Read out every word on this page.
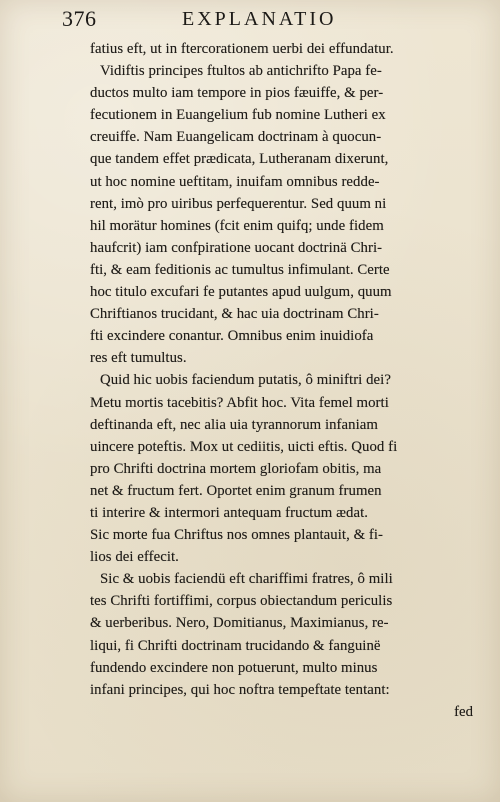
376	EXPLANATIO
fatius eft, ut in ftercorationem uerbi dei effundatur.
Vidiftis principes ftultos ab antichrifto Papa fe-
ductos multo iam tempore in pios fæuiffe, & per-
fecutionem in Euangelium fub nomine Lutheri ex
creuiffe. Nam Euangelicam doctrinam à quocun-
que tandem effet prædicata, Lutheranam dixerunt,
ut hoc nomine ueftitam, inuifam omnibus redde-
rent, imò pro uiribus perfequerentur. Sed quum ni
hil morätur homines (fcit enim quifq; unde fidem
haufcrit) iam confpiratione uocant doctrinä Chri-
fti, & eam feditionis ac tumultus infimulant. Certe
hoc titulo excufari fe putantes apud uulgum, quum
Chriftianos trucidant, & hac uia doctrinam Chri-
fti excindere conantur. Omnibus enim inuidiofa
res eft tumultus.
Quid hic uobis faciendum putatis, ô miniftri dei?
Metu mortis tacebitis? Abfit hoc. Vita femel morti
deftinanda eft, nec alia uia tyrannorum infaniam
uincere poteftis. Mox ut cediitis, uicti eftis. Quod fi
pro Chrifti doctrina mortem gloriofam obitis, ma
net & fructum fert. Oportet enim granum frumen
ti interire & intermori antequam fructum ædat.
Sic morte fua Chriftus nos omnes plantauit, & fi-
lios dei effecit.
Sic & uobis faciendü eft chariffimi fratres, ô mili
tes Chrifti fortiffimi, corpus obiectandum periculis
& uerberibus. Nero, Domitianus, Maximianus, re-
liqui, fi Chrifti doctrinam trucidando & fanguinë
fundendo excindere non potuerunt, multo minus
infani principes, qui hoc noftra tempeftate tentant:
fed
